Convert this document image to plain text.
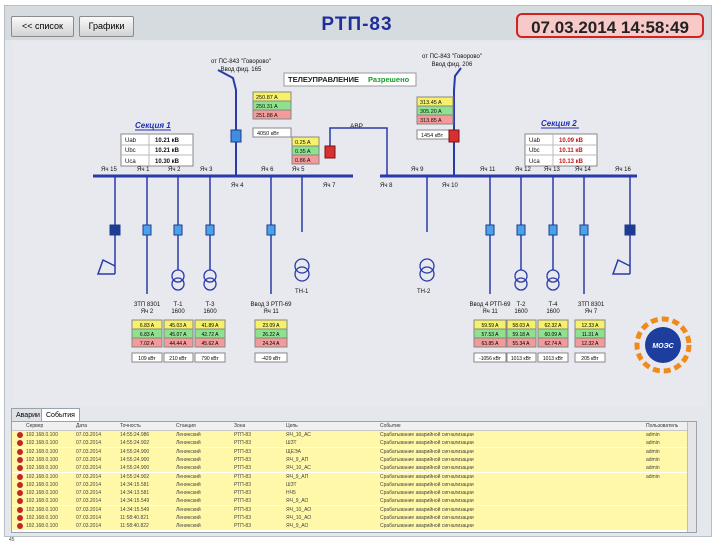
<< список	Графики	РТП-83	07.03.2014 14:58:49
от ПС-843 "Говорово"
Ввод фид. 165
от ПС-843 "Говорово"
Ввод фид. 206
ТЕЛЕУПРАВЛЕНИЕ Разрешено
250.87 A
250.31 A
251.88 A
4050 кВт
313.45 A
305.20 A
313.85 A
1454 кВт
АВР
0.25 A
0.35 A
0.86 A
Секция 1
Uab	10.21 кВ
Ubc	10.21 кВ
Uca	10.30 кВ
Секция 2
Uab	10.09 кВ
Ubc	10.11 кВ
Uca	10.13 кВ
Яч 15	Яч 1	Яч 2	Яч 3
Яч 4
Яч 6	Яч 5
Яч 7	Яч 8
Яч 9
Яч 10
Яч 11	Яч 12 Яч 13	Яч 14	Яч 16
ТН-1	ТН-2
ЗТП 8301
Яч 2
Т-1
1600
Т-3
1600
Ввод 3 РТП-69
Яч 11
Ввод 4 РТП-69
Яч 11
Т-2
1600
Т-4
1600
ЗТП 8301
Яч 7
6.83 A
6.83 A
7.02 A
109 кВт
45.03 A
45.07 A
44.44 A
210 кВт
41.89 A
42.72 A
45.62 A
790 кВт
23.09 A
26.22 A
24.24 A
-429 кВт
59.59 A
57.53 A
63.85 A
-1056 кВт
58.03 A
59.18 A
55.34 A
1013 кВт
62.32 A
60.09 A
62.74 A
1013 кВт
12.33 A
11.31 A
12.32 A
205 кВт
МОЭС
Аварии События
Сервер	Дата	Точность	Станция	Зона	Цепь	Событие	Пользователь
192.168.0.100	07.03.2014	14:55:24.986	Ленинский	РТП-83	ЯЧ_10_АС	Срабатывание аварийной сигнализации	admin
192.168.0.100	07.03.2014	14:55:24.902	Ленинский	РТП-83	ШЗТ	Срабатывание аварийной сигнализации	admin
192.168.0.100	07.03.2014	14:55:24.900	Ленинский	РТП-83	ЩЕЭА	Срабатывание аварийной сигнализации	admin
192.168.0.100	07.03.2014	14:55:24.900	Ленинский	РТП-83	ЯЧ_9_АП	Срабатывание аварийной сигнализации	admin
192.168.0.100	07.03.2014	14:55:24.900	Ленинский	РТП-83	ЯЧ_10_АС	Срабатывание аварийной сигнализации	admin
192.168.0.100	07.03.2014	14:55:24.902	Ленинский	РТП-83	ЯЧ_9_АП	Срабатывание аварийной сигнализации	admin
192.168.0.100	07.03.2014	14:34:15.581	Ленинский	РТП-83	ШЗТ	Срабатывание аварийной сигнализации
192.168.0.100	07.03.2014	14:34:13.581	Ленинский	РТП-83	НЧ5	Срабатывание аварийной сигнализации
192.168.0.100	07.03.2014	14:34:15.549	Ленинский	РТП-83	ЯЧ_9_АО	Срабатывание аварийной сигнализации
192.168.0.100	07.03.2014	14:34:15.549	Ленинский	РТП-83	ЯЧ_10_АО	Срабатывание аварийной сигнализации
192.168.0.100	07.03.2014	11:58:40.821	Ленинский	РТП-83	ЯЧ_10_АО	Срабатывание аварийной сигнализации
192.168.0.100	07.03.2014	11:58:40.822	Ленинский	РТП-83	ЯЧ_9_АО	Срабатывание аварийной сигнализации
45
